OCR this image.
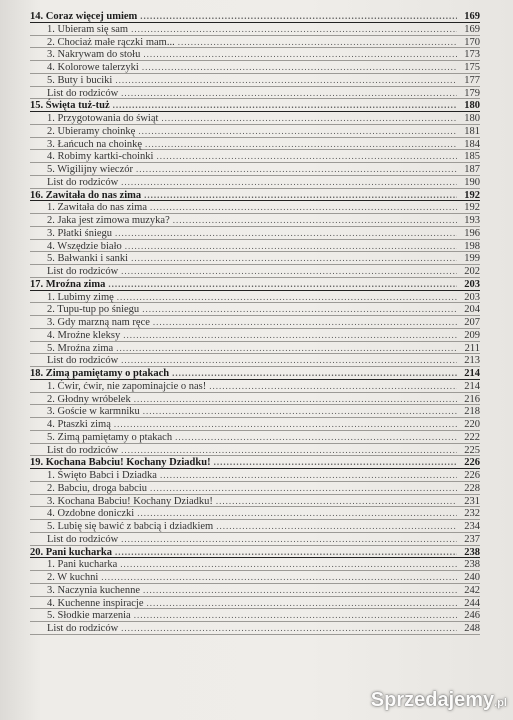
14. Coraz więcej umiem .....	169
1. Ubieram się sam .....	169
2. Chociaż małe rączki mam... .....	170
3. Nakrywam do stołu .....	173
4. Kolorowe talerzyki .....	175
5. Buty i buciki .....	177
List do rodziców .....	179
15. Święta tuż-tuż .....	180
1. Przygotowania do świąt .....	180
2. Ubieramy choinkę .....	181
3. Łańcuch na choinkę .....	184
4. Robimy kartki-choinki .....	185
5. Wigilijny wieczór .....	187
List do rodziców .....	190
16. Zawitała do nas zima .....	192
1. Zawitała do nas zima .....	192
2. Jaka jest zimowa muzyka? .....	193
3. Płatki śniegu .....	196
4. Wszędzie biało .....	198
5. Bałwanki i sanki .....	199
List do rodziców .....	202
17. Mroźna zima .....	203
1. Lubimy zimę .....	203
2. Tupu-tup po śniegu .....	204
3. Gdy marzną nam ręce .....	207
4. Mroźne kleksy .....	209
5. Mroźna zima .....	211
List do rodziców .....	213
18. Zimą pamiętamy o ptakach .....	214
1. Ćwir, ćwir, nie zapominajcie o nas! .....	214
2. Głodny wróbelek .....	216
3. Goście w karmniku .....	218
4. Ptaszki zimą .....	220
5. Zimą pamiętamy o ptakach .....	222
List do rodziców .....	225
19. Kochana Babciu! Kochany Dziadku! .....	226
1. Święto Babci i Dziadka .....	226
2. Babciu, droga babciu .....	228
3. Kochana Babciu! Kochany Dziadku! .....	231
4. Ozdobne doniczki .....	232
5. Lubię się bawić z babcią i dziadkiem .....	234
List do rodziców .....	237
20. Pani kucharka .....	238
1. Pani kucharka .....	238
2. W kuchni .....	240
3. Naczynia kuchenne .....	242
4. Kuchenne inspiracje .....	244
5. Słodkie marzenia .....	246
List do rodziców .....	248
Sprzedajemy.pl
